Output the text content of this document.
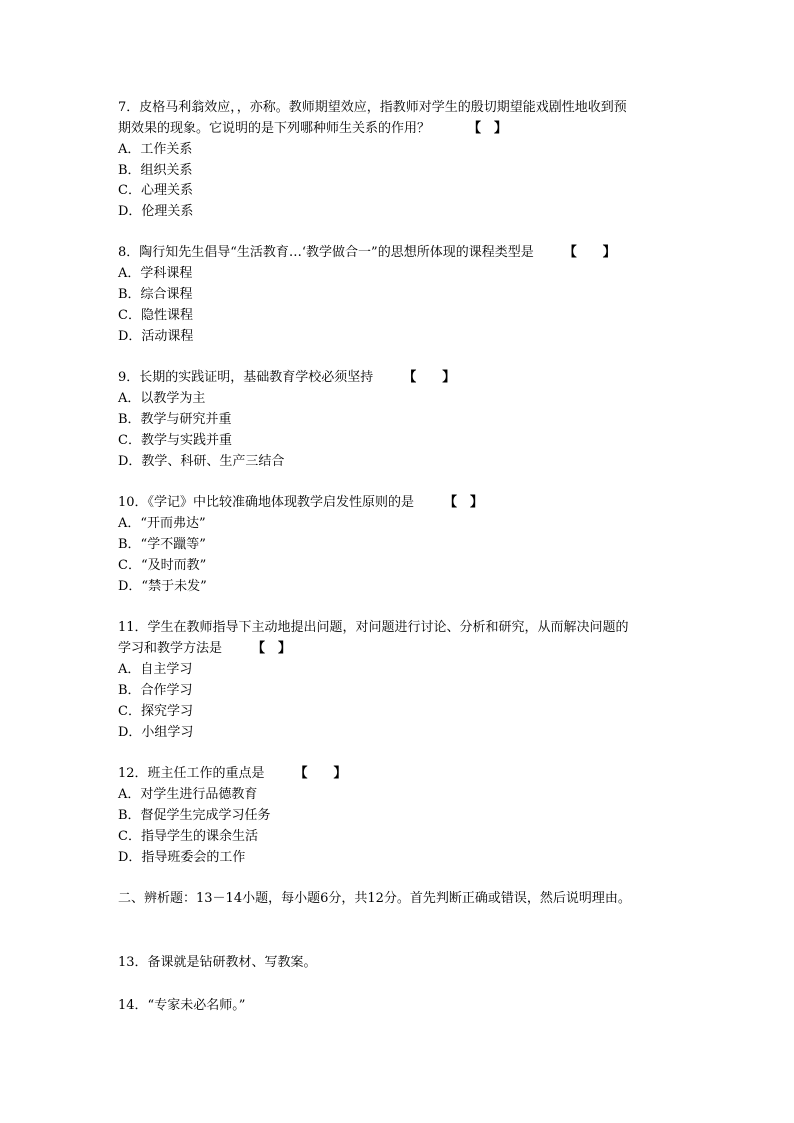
7．皮格马利翁效应，，亦称。教师期望效应，指教师对学生的殷切期望能戏剧性地收到预
期效果的现象。它说明的是下列哪种师生关系的作用？	【　】
A．工作关系
B．组织关系
C．心理关系
D．伦理关系
8．陶行知先生倡导“生活教育…‘教学做合一”的思想所体现的课程类型是 【　　】
A．学科课程
B．综合课程
C．隐性课程
D．活动课程
9．长期的实践证明，基础教育学校必须坚持 【　　】
A．以教学为主
B．教学与研究并重
C．教学与实践并重
D．教学、科研、生产三结合
10．《学记》中比较准确地体现教学启发性原则的是 【　】
A．“开而弗达”
B．“学不躐等”
C．“及时而教”
D．“禁于未发”
11．学生在教师指导下主动地提出问题，对问题进行讨论、分析和研究，从而解决问题的
学习和教学方法是 【　】
A．自主学习
B．合作学习
C．探究学习
D．小组学习
12．班主任工作的重点是 【　　】
A．对学生进行品德教育
B．督促学生完成学习任务
C．指导学生的课余生活
D．指导班委会的工作
二、辨析题：13－14小题，每小题6分，共12分。首先判断正确或错误，然后说明理由。
13．备课就是钻研教材、写教案。
14．“专家未必名师。”
